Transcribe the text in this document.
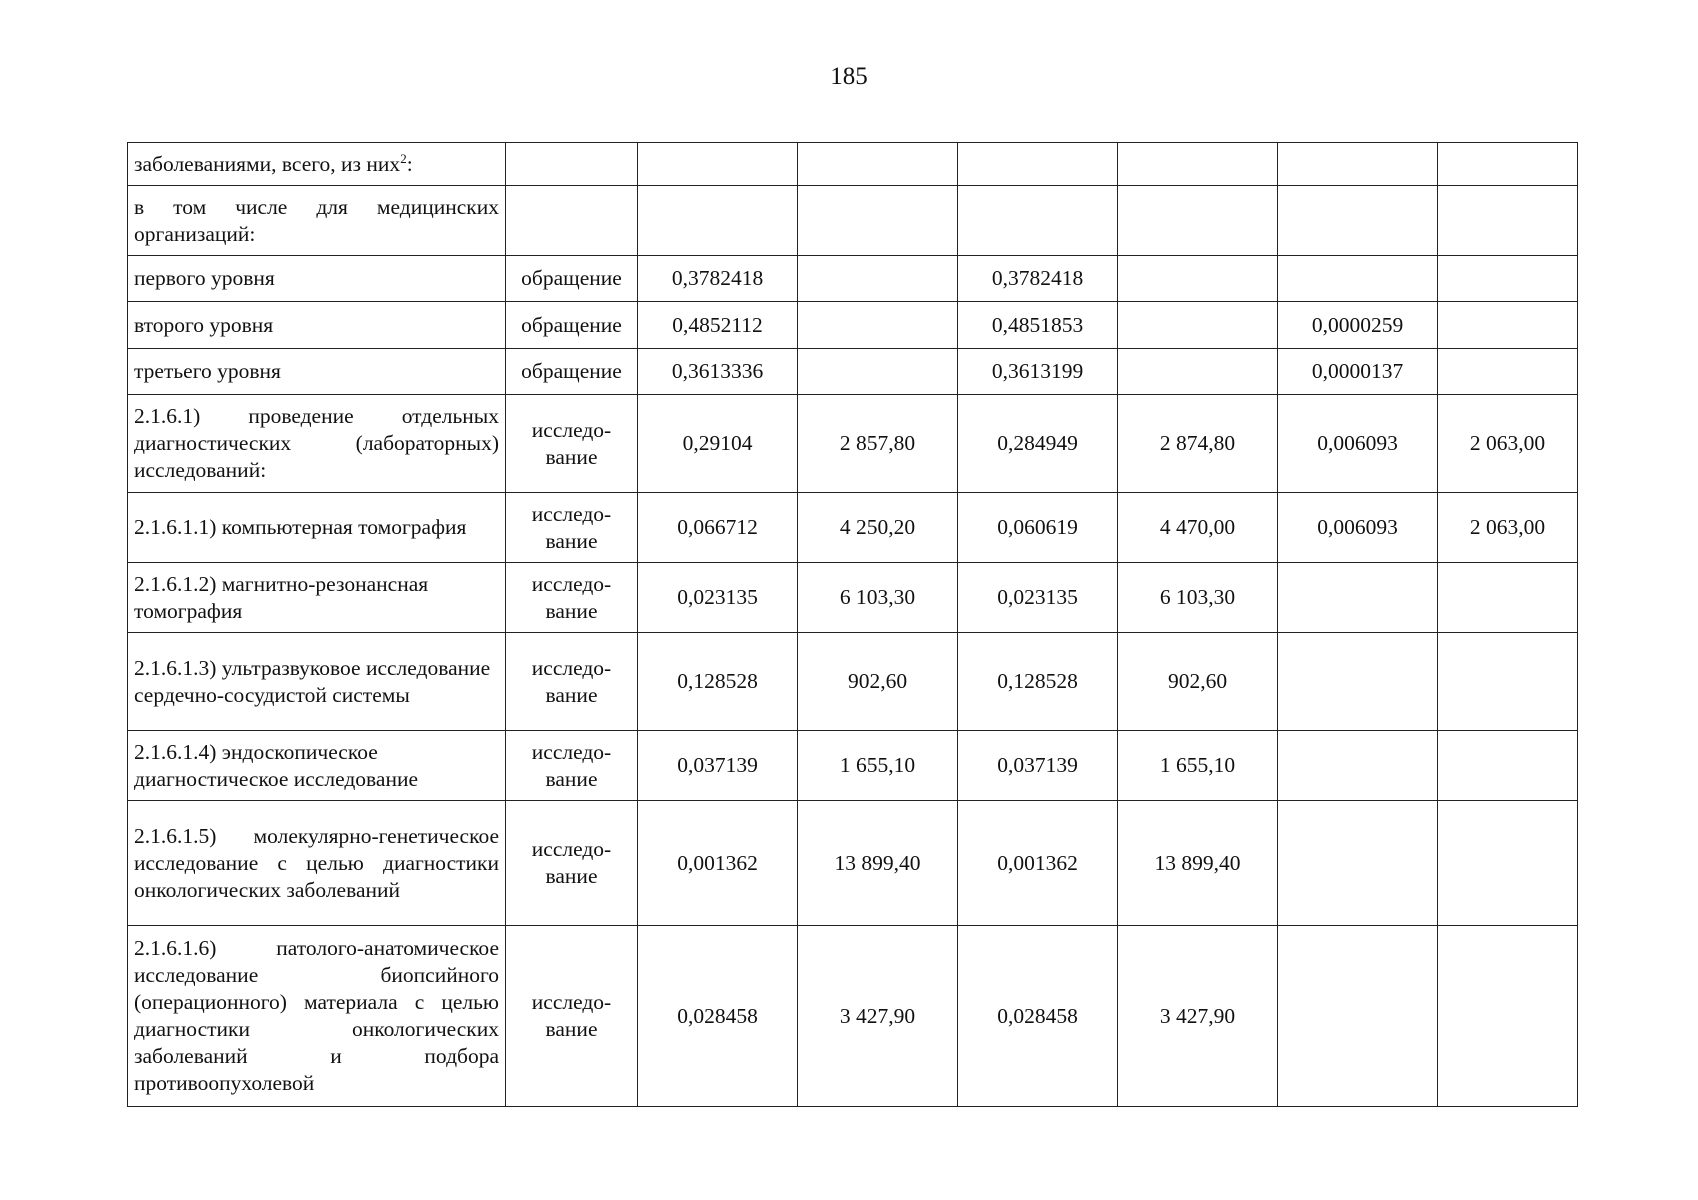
185
заболеваниями, всего, из них$^2$:							
в том числе для медицинских организаций:							
первого уровня	обращение	0,3782418		0,3782418			
второго уровня	обращение	0,4852112		0,4851853		0,0000259	
третьего уровня	обращение	0,3613336		0,3613199		0,0000137	
2.1.6.1) проведение отдельных диагностических (лабораторных) исследований:	исследо-вание	0,29104	2 857,80	0,284949	2 874,80	0,006093	2 063,00
2.1.6.1.1) компьютерная томография	исследо-вание	0,066712	4 250,20	0,060619	4 470,00	0,006093	2 063,00
2.1.6.1.2) магнитно-резонансная томография	исследо-вание	0,023135	6 103,30	0,023135	6 103,30		
2.1.6.1.3) ультразвуковое исследование сердечно-сосудистой системы	исследо-вание	0,128528	902,60	0,128528	902,60		
2.1.6.1.4) эндоскопическое диагностическое исследование	исследо-вание	0,037139	1 655,10	0,037139	1 655,10		
2.1.6.1.5) молекулярно-генетическое исследование с целью диагностики онкологических заболеваний	исследо-вание	0,001362	13 899,40	0,001362	13 899,40		
2.1.6.1.6) патолого-анатомическое исследование биопсийного (операционного) материала с целью диагностики онкологических заболеваний и подбора противоопухолевой	исследо-вание	0,028458	3 427,90	0,028458	3 427,90		
